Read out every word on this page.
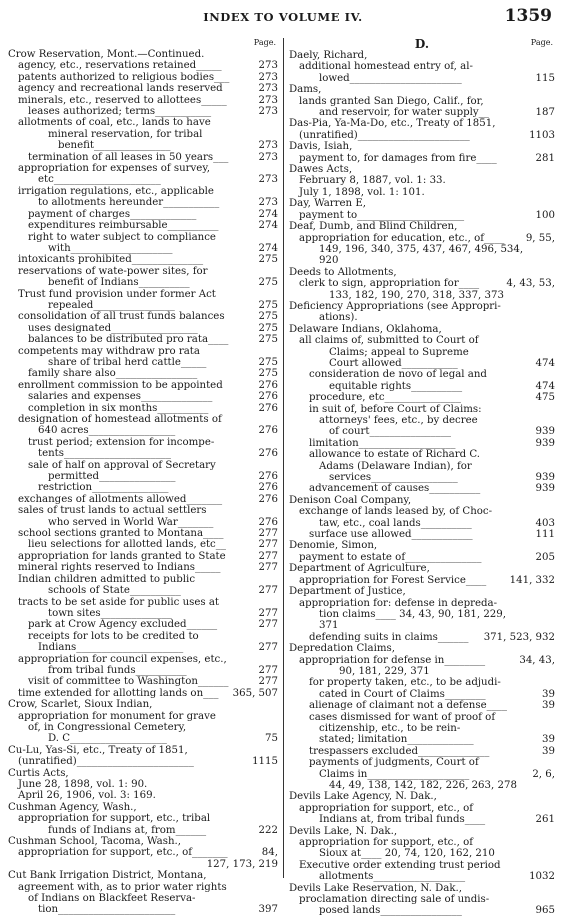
INDEX TO VOLUME IV.	1359
Page.
Crow Reservation, Mont.—Continued.
agency, etc., reservations retained_____	273
patents authorized to religious bodies___	273
agency and recreational lands reserved	273
minerals, etc., reserved to allottees_____	273
leases authorized; terms___________	273
allotments of coal, etc., lands to have
mineral reservation, for tribal
benefit_______________	273
termination of all leases in 50 years___	273
appropriation for expenses of survey,
etc_____________________	273
irrigation regulations, etc., applicable
to allotments hereunder___________	273
payment of charges_____________	274
expenditures reimbursable__________	274
right to water subject to compliance
with____________________	274
intoxicants prohibited______________	275
reservations of wate-power sites, for
benefit of Indians__________	275
Trust fund provision under former Act
repealed________________	275
consolidation of all trust funds balances	275
uses designated_________________	275
balances to be distributed pro rata____	275
competents may withdraw pro rata
share of tribal herd cattle_____	275
family share also________________	275
enrollment commission to be appointed	276
salaries and expenses______________	276
completion in six months__________	276
designation of homestead allotments of
640 acres_________________	276
trust period; extension for incompe-
tents_____________________	276
sale of half on approval of Secretary
permitted_______________	276
restriction_______________	276
exchanges of allotments allowed_______	276
sales of trust lands to actual settlers
who served in World War_______	276
school sections granted to Montana____	277
lieu selections for allotted lands, etc__	277
appropriation for lands granted to State	277
mineral rights reserved to Indians_____	277
Indian children admitted to public
schools of State__________	277
tracts to be set aside for public uses at
town sites______________	277
park at Crow Agency excluded______	277
receipts for lots to be credited to
Indians_____________________	277
appropriation for council expenses, etc.,
from tribal funds__________	277
visit of committee to Washington______	277
time extended for allotting lands on___	365, 507
Crow, Scarlet, Sioux Indian,
appropriation for monument for grave
of, in Congressional Cemetery,
D. C___________________	75
Cu-Lu, Yas-Si, etc., Treaty of 1851,
(unratified)_______________________	1115
Curtis Acts,
June 28, 1898, vol. 1: 90.
April 26, 1906, vol. 3: 169.
Cushman Agency, Wash.,
appropriation for support, etc., tribal
funds of Indians at, from______	222
Cushman School, Tacoma, Wash.,
appropriation for support, etc., of_______	84,
127, 173, 219
Cut Bank Irrigation District, Montana,
agreement with, as to prior water rights
of Indians on Blackfeet Reserva-
tion_______________________	397
D.	Page.
Daely, Richard,
additional homestead entry of, al-
lowed______________________	115
Dams,
lands granted San Diego, Calif., for,
and reservoir, for water supply__	187
Das-Pia, Ya-Ma-Do, etc., Treaty of 1851,
(unratified)______________________	1103
Davis, Isiah,
payment to, for damages from fire____	281
Dawes Acts,
February 8, 1887, vol. 1: 33.
July 1, 1898, vol. 1: 101.
Day, Warren E,
payment to_____________________	100
Deaf, Dumb, and Blind Children,
appropriation for education, etc., of____	9, 55,
149, 196, 340, 375, 437, 467, 496, 534, 920
Deeds to Allotments,
clerk to sign, appropriation for____	4, 43, 53,
133, 182, 190, 270, 318, 337, 373
Deficiency Appropriations (see Appropri-
ations).
Delaware Indians, Oklahoma,
all claims of, submitted to Court of
Claims; appeal to Supreme
Court allowed___________	474
consideration de novo of legal and
equitable rights__________	474
procedure, etc_______________	475
in suit of, before Court of Claims:
attorneys' fees, etc., by decree
of court________________	939
limitation___________________	939
allowance to estate of Richard C.
Adams (Delaware Indian), for
services_________________	939
advancement of causes__________	939
Denison Coal Company,
exchange of lands leased by, of Choc-
taw, etc., coal lands__________	403
surface use allowed____________	111
Denomie, Simon,
payment to estate of_______________	205
Department of Agriculture,
appropriation for Forest Service____	141, 332
Department of Justice,
appropriation for: defense in depreda-
tion claims____ 34, 43, 90, 181, 229, 371
defending suits in claims______	371, 523, 932
Depredation Claims,
appropriation for defense in________	34, 43,
90, 181, 229, 371
for property taken, etc., to be adjudi-
cated in Court of Claims________	39
alienage of claimant not a defense____	39
cases dismissed for want of proof of
citizenship, etc., to be rein-
stated; limitation_____________	39
trespassers excluded______________	39
payments of judgments, Court of
Claims in____________________	2, 6,
44, 49, 138, 142, 182, 226, 263, 278
Devils Lake Agency, N. Dak.,
appropriation for support, etc., of
Indians at, from tribal funds____	261
Devils Lake, N. Dak.,
appropriation for support, etc., of
Sioux at____ 20, 74, 120, 162, 210
Executive order extending trust period
allotments__________________	1032
Devils Lake Reservation, N. Dak.,
proclamation directing sale of undis-
posed lands________________	965
